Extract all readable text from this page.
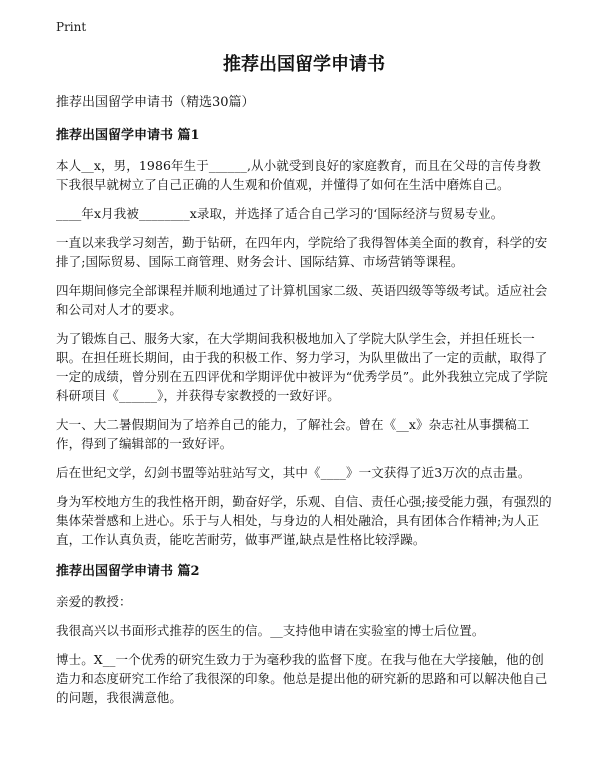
Print
推荐出国留学申请书

推荐出国留学申请书（精选30篇）

推荐出国留学申请书 篇1

本人__x，男，1986年生于______,从小就受到良好的家庭教育，而且在父母的言传身教下我很早就树立了自己正确的人生观和价值观，并懂得了如何在生活中磨炼自己。

____年x月我被________x录取，并选择了适合自己学习的‘国际经济与贸易专业。

一直以来我学习刻苦，勤于钻研，在四年内，学院给了我得智体美全面的教育，科学的安排了;国际贸易、国际工商管理、财务会计、国际结算、市场营销等课程。

四年期间修完全部课程并顺利地通过了计算机国家二级、英语四级等等级考试。适应社会和公司对人才的要求。

为了锻炼自己、服务大家，在大学期间我积极地加入了学院大队学生会，并担任班长一职。在担任班长期间，由于我的积极工作、努力学习，为队里做出了一定的贡献，取得了一定的成绩，曾分别在五四评优和学期评优中被评为“优秀学员”。此外我独立完成了学院科研项目《______》，并获得专家教授的一致好评。

大一、大二暑假期间为了培养自己的能力，了解社会。曾在《__x》杂志社从事撰稿工作，得到了编辑部的一致好评。

后在世纪文学，幻剑书盟等站驻站写文，其中《____》一文获得了近3万次的点击量。

身为军校地方生的我性格开朗，勤奋好学，乐观、自信、责任心强;接受能力强，有强烈的集体荣誉感和上进心。乐于与人相处，与身边的人相处融洽，具有团体合作精神;为人正直，工作认真负责，能吃苦耐劳，做事严谨,缺点是性格比较浮躁。

推荐出国留学申请书 篇2

亲爱的教授：

我很高兴以书面形式推荐的医生的信。__支持他申请在实验室的博士后位置。

博士。X__一个优秀的研究生致力于为毫秒我的监督下度。在我与他在大学接触，他的创造力和态度研究工作给了我很深的印象。他总是提出他的研究新的思路和可以解决他自己的问题，我很满意他。
